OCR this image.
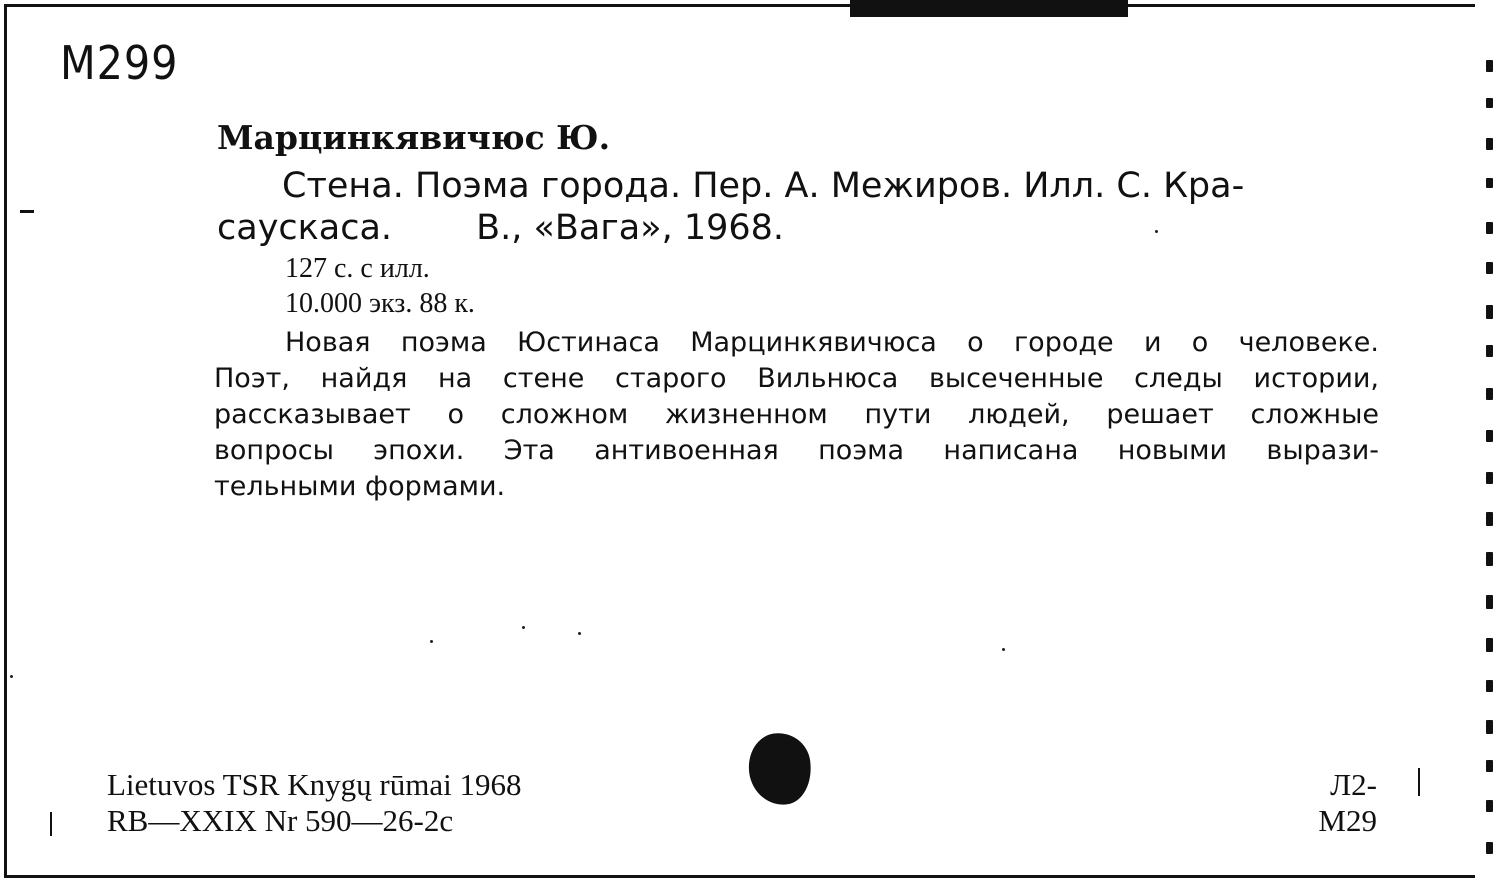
M299
Марцинкявичюс Ю.
Стена. Поэма города. Пер. А. Межиров. Илл. С. Кра-
саускаса. В., «Вага», 1968.
127 с. с илл.
10.000 экз. 88 к.
Новая поэма Юстинаса Марцинкявичюса о городе и о человеке.
Поэт, найдя на стене старого Вильнюса высеченные следы истории,
рассказывает о сложном жизненном пути людей, решает сложные
вопросы эпохи. Эта антивоенная поэма написана новыми вырази-
тельными формами.
Lietuvos TSR Knygų rūmai 1968
RB—XXIX Nr 590—26-2c
Л2-
M29
